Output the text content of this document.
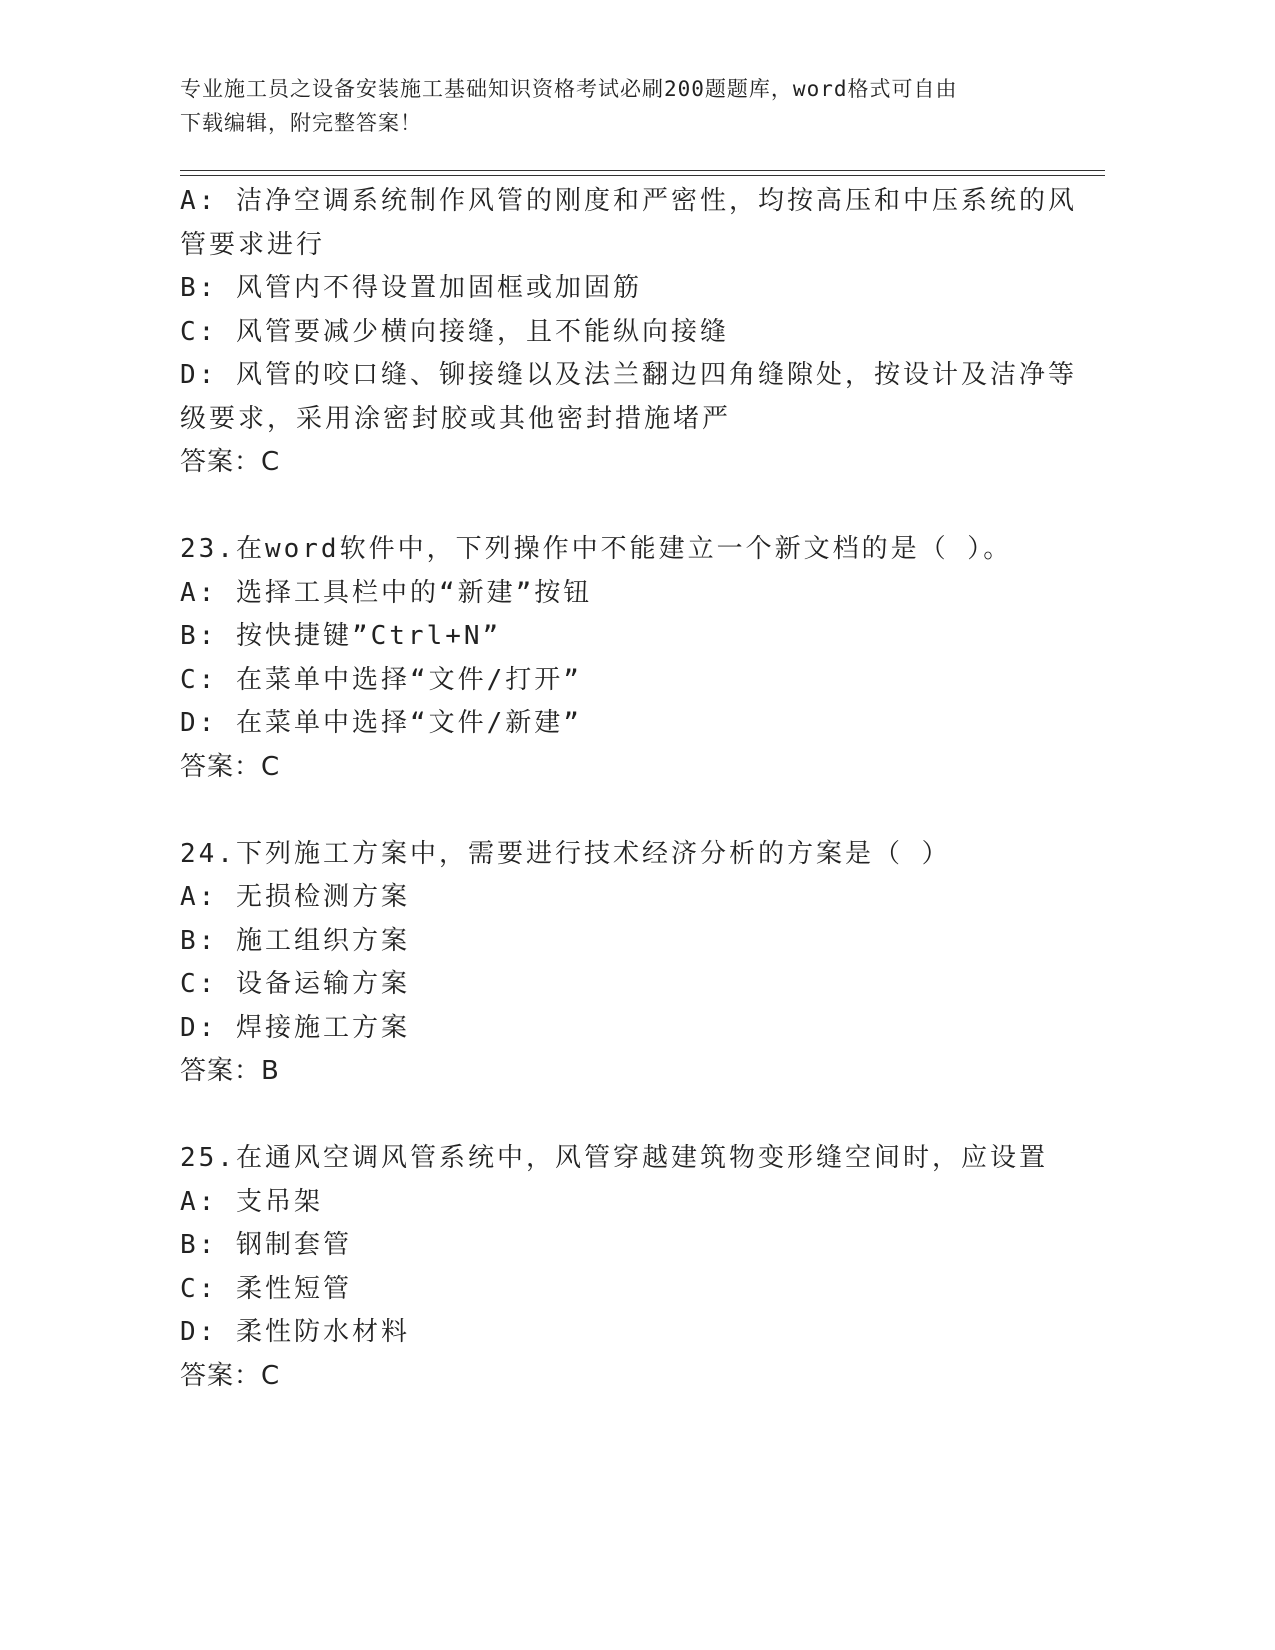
专业施工员之设备安装施工基础知识资格考试必刷200题题库，word格式可自由

下载编辑，附完整答案！

A: 洁净空调系统制作风管的刚度和严密性，均按高压和中压系统的风

管要求进行

B: 风管内不得设置加固框或加固筋

C: 风管要减少横向接缝，且不能纵向接缝

D: 风管的咬口缝、铆接缝以及法兰翻边四角缝隙处，按设计及洁净等

级要求，采用涂密封胶或其他密封措施堵严

答案：C

23.在word软件中，下列操作中不能建立一个新文档的是（ ）。

A: 选择工具栏中的“新建”按钮

B: 按快捷键”Ctrl+N”

C: 在菜单中选择“文件/打开”

D: 在菜单中选择“文件/新建”

答案：C

24.下列施工方案中，需要进行技术经济分析的方案是（ ）

A: 无损检测方案

B: 施工组织方案

C: 设备运输方案

D: 焊接施工方案

答案：B

25.在通风空调风管系统中，风管穿越建筑物变形缝空间时，应设置

A: 支吊架

B: 钢制套管

C: 柔性短管

D: 柔性防水材料

答案：C
